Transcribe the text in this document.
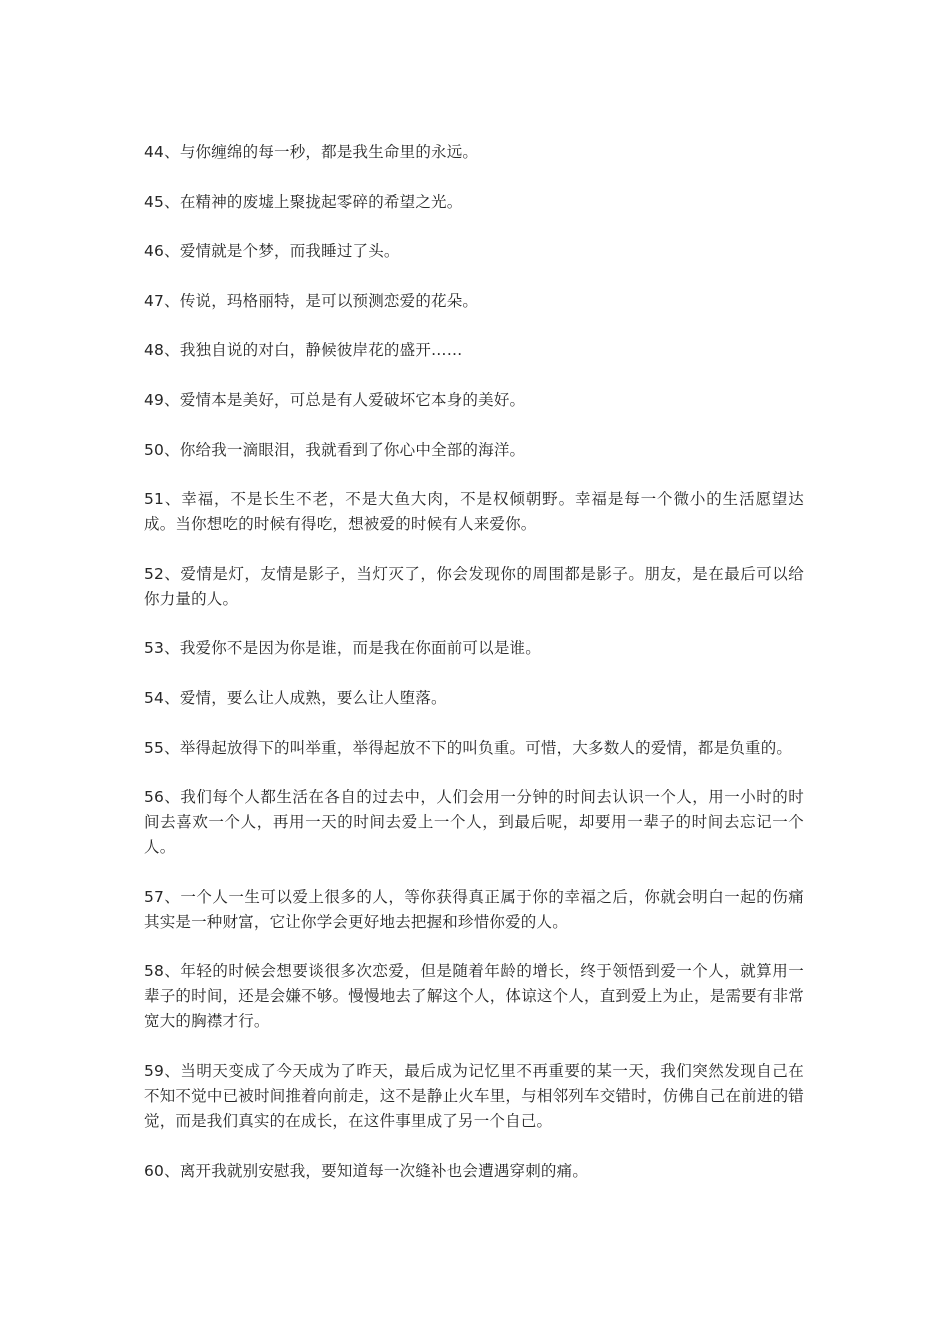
44、与你缠绵的每一秒，都是我生命里的永远。

45、在精神的废墟上聚拢起零碎的希望之光。

46、爱情就是个梦，而我睡过了头。

47、传说，玛格丽特，是可以预测恋爱的花朵。

48、我独自说的对白，静候彼岸花的盛开……

49、爱情本是美好，可总是有人爱破坏它本身的美好。

50、你给我一滴眼泪，我就看到了你心中全部的海洋。

51、幸福，不是长生不老，不是大鱼大肉，不是权倾朝野。幸福是每一个微小的生活愿望达成。当你想吃的时候有得吃，想被爱的时候有人来爱你。

52、爱情是灯，友情是影子，当灯灭了，你会发现你的周围都是影子。朋友，是在最后可以给你力量的人。

53、我爱你不是因为你是谁，而是我在你面前可以是谁。

54、爱情，要么让人成熟，要么让人堕落。

55、举得起放得下的叫举重，举得起放不下的叫负重。可惜，大多数人的爱情，都是负重的。

56、我们每个人都生活在各自的过去中，人们会用一分钟的时间去认识一个人，用一小时的时间去喜欢一个人，再用一天的时间去爱上一个人，到最后呢，却要用一辈子的时间去忘记一个人。

57、一个人一生可以爱上很多的人，等你获得真正属于你的幸福之后，你就会明白一起的伤痛其实是一种财富，它让你学会更好地去把握和珍惜你爱的人。

58、年轻的时候会想要谈很多次恋爱，但是随着年龄的增长，终于领悟到爱一个人，就算用一辈子的时间，还是会嫌不够。慢慢地去了解这个人，体谅这个人，直到爱上为止，是需要有非常宽大的胸襟才行。

59、当明天变成了今天成为了昨天，最后成为记忆里不再重要的某一天，我们突然发现自己在不知不觉中已被时间推着向前走，这不是静止火车里，与相邻列车交错时，仿佛自己在前进的错觉，而是我们真实的在成长，在这件事里成了另一个自己。

60、离开我就别安慰我，要知道每一次缝补也会遭遇穿刺的痛。
